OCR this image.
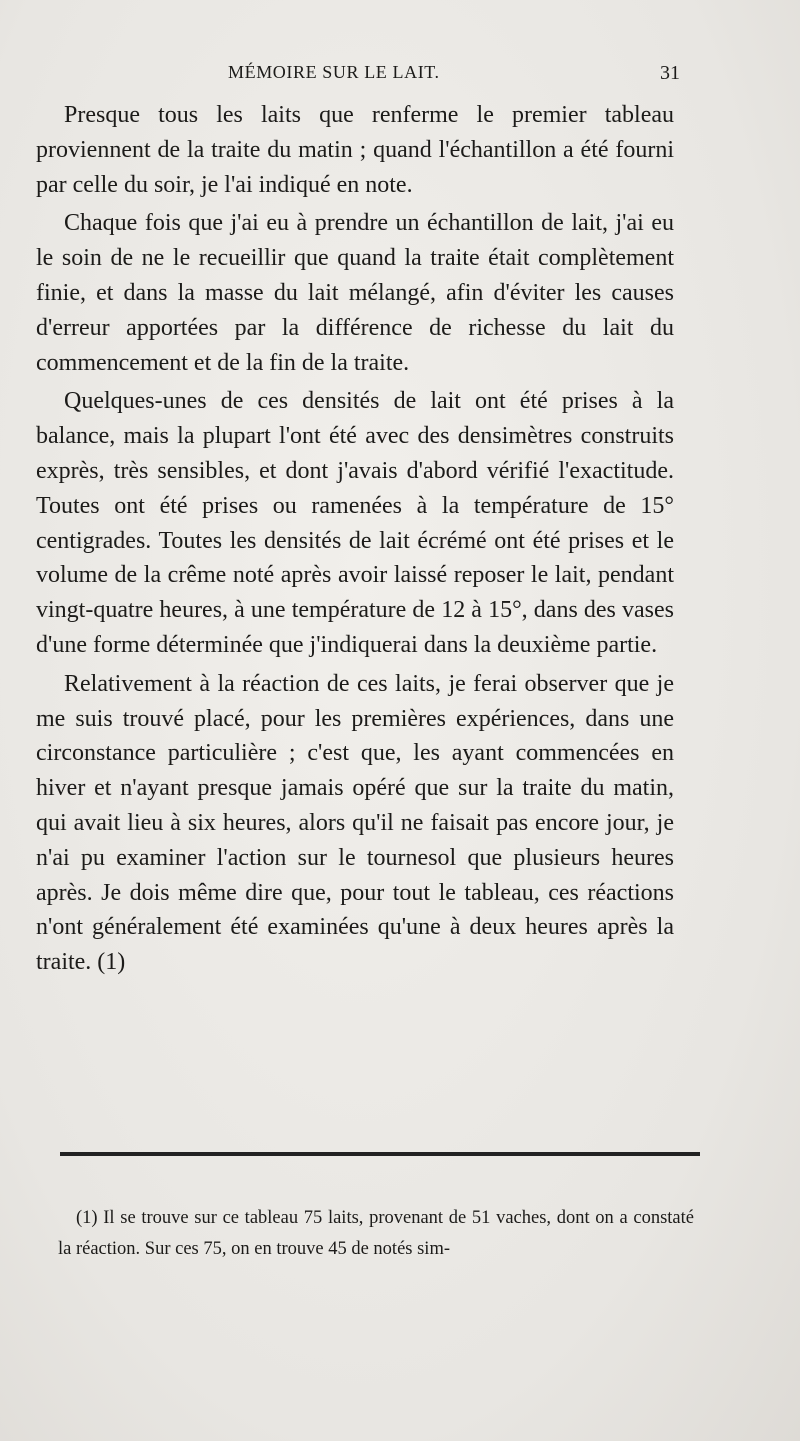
MÉMOIRE SUR LE LAIT.	31

Presque tous les laits que renferme le premier tableau proviennent de la traite du matin ; quand l'échantillon a été fourni par celle du soir, je l'ai indiqué en note.

Chaque fois que j'ai eu à prendre un échantillon de lait, j'ai eu le soin de ne le recueillir que quand la traite était complètement finie, et dans la masse du lait mélangé, afin d'éviter les causes d'erreur apportées par la différence de richesse du lait du commencement et de la fin de la traite.

Quelques-unes de ces densités de lait ont été prises à la balance, mais la plupart l'ont été avec des densimètres construits exprès, très sensibles, et dont j'avais d'abord vérifié l'exactitude. Toutes ont été prises ou ramenées à la température de 15° centigrades. Toutes les densités de lait écrémé ont été prises et le volume de la crême noté après avoir laissé reposer le lait, pendant vingt-quatre heures, à une température de 12 à 15°, dans des vases d'une forme déterminée que j'indiquerai dans la deuxième partie.

Relativement à la réaction de ces laits, je ferai observer que je me suis trouvé placé, pour les premières expériences, dans une circonstance particulière ; c'est que, les ayant commencées en hiver et n'ayant presque jamais opéré que sur la traite du matin, qui avait lieu à six heures, alors qu'il ne faisait pas encore jour, je n'ai pu examiner l'action sur le tournesol que plusieurs heures après. Je dois même dire que, pour tout le tableau, ces réactions n'ont généralement été examinées qu'une à deux heures après la traite. (1)

(1) Il se trouve sur ce tableau 75 laits, provenant de 51 vaches, dont on a constaté la réaction. Sur ces 75, on en trouve 45 de notés sim-
